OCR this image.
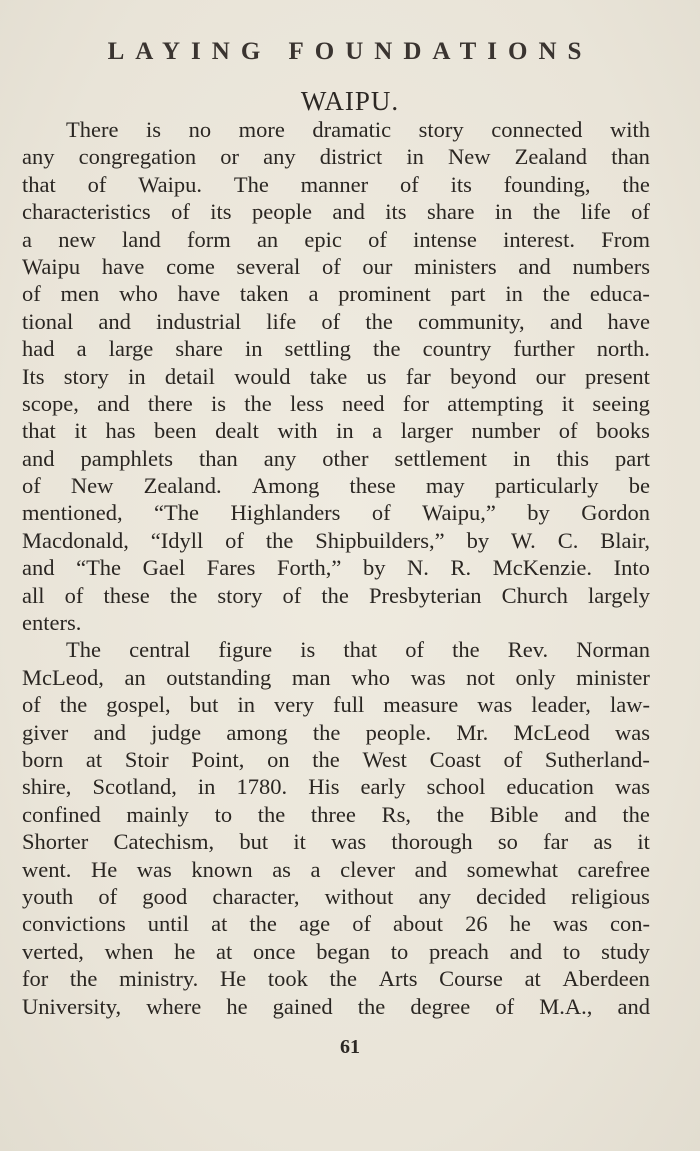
LAYING FOUNDATIONS
WAIPU.
There is no more dramatic story connected with
any congregation or any district in New Zealand than
that of Waipu. The manner of its founding, the
characteristics of its people and its share in the life of
a new land form an epic of intense interest. From
Waipu have come several of our ministers and numbers
of men who have taken a prominent part in the educa-
tional and industrial life of the community, and have
had a large share in settling the country further north.
Its story in detail would take us far beyond our present
scope, and there is the less need for attempting it seeing
that it has been dealt with in a larger number of books
and pamphlets than any other settlement in this part
of New Zealand. Among these may particularly be
mentioned, “The Highlanders of Waipu,” by Gordon
Macdonald, “Idyll of the Shipbuilders,” by W. C. Blair,
and “The Gael Fares Forth,” by N. R. McKenzie. Into
all of these the story of the Presbyterian Church largely
enters.
The central figure is that of the Rev. Norman
McLeod, an outstanding man who was not only minister
of the gospel, but in very full measure was leader, law-
giver and judge among the people. Mr. McLeod was
born at Stoir Point, on the West Coast of Sutherland-
shire, Scotland, in 1780. His early school education was
confined mainly to the three Rs, the Bible and the
Shorter Catechism, but it was thorough so far as it
went. He was known as a clever and somewhat carefree
youth of good character, without any decided religious
convictions until at the age of about 26 he was con-
verted, when he at once began to preach and to study
for the ministry. He took the Arts Course at Aberdeen
University, where he gained the degree of M.A., and
61
